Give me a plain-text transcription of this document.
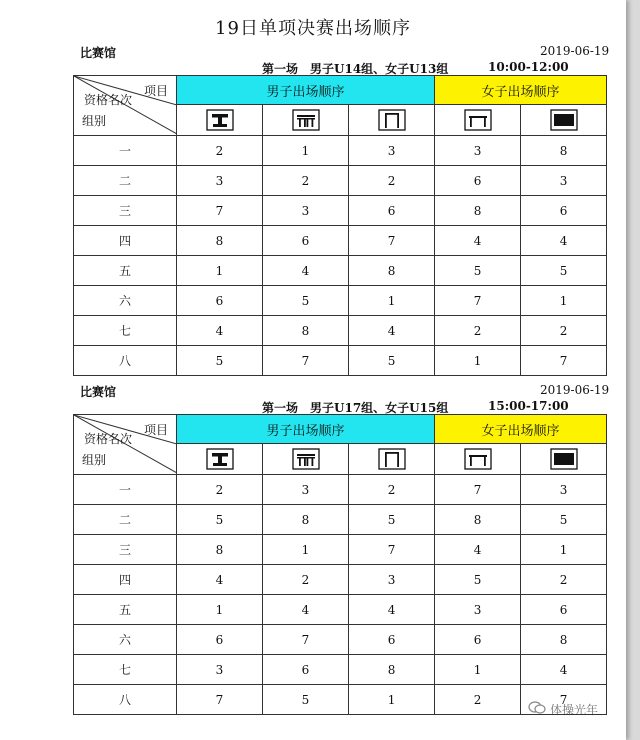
19日单项决赛出场顺序
体操光年
比赛馆	2019-06-19
第一场　男子U14组、女子U13组	10:00-12:00
项目
资格名次
组别	男子出场顺序			女子出场顺序	

一	2	1	3	3	8
二	3	2	2	6	3
三	7	3	6	8	6
四	8	6	7	4	4
五	1	4	8	5	5
六	6	5	1	7	1
七	4	8	4	2	2
八	5	7	5	1	7
比赛馆	2019-06-19
第一场　男子U17组、女子U15组	15:00-17:00
项目
资格名次
组别	男子出场顺序			女子出场顺序	

一	2	3	2	7	3
二	5	8	5	8	5
三	8	1	7	4	1
四	4	2	3	5	2
五	1	4	4	3	6
六	6	7	6	6	8
七	3	6	8	1	4
八	7	5	1	2	7
